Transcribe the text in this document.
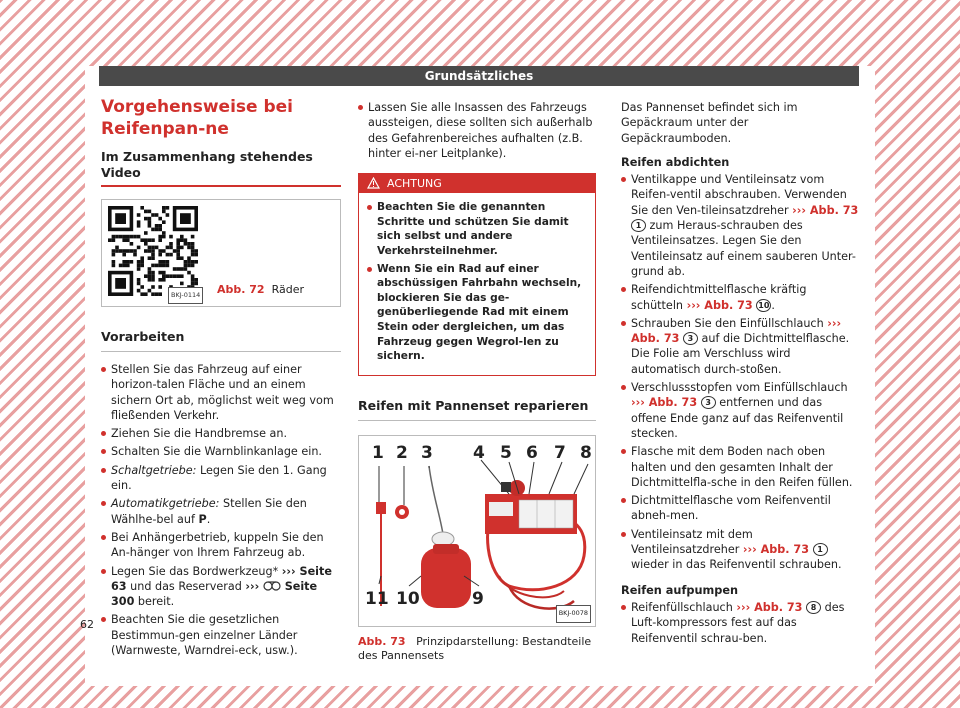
Grundsätzliches
Vorgehensweise bei Reifenpan-ne
Im Zusammenhang stehendes Video
BKJ-0114 Abb. 72 Räder
Vorarbeiten
Stellen Sie das Fahrzeug auf einer horizon-talen Fläche und an einem sichern Ort ab, möglichst weit weg vom fließenden Verkehr.
Ziehen Sie die Handbremse an.
Schalten Sie die Warnblinkanlage ein.
Schaltgetriebe: Legen Sie den 1. Gang ein.
Automatikgetriebe: Stellen Sie den Wählhe-bel auf P.
Bei Anhängerbetrieb, kuppeln Sie den An-hänger von Ihrem Fahrzeug ab.
Legen Sie das Bordwerkzeug* ››› Seite 63 und das Reserverad ›››  Seite 300 bereit.
Beachten Sie die gesetzlichen Bestimmun-gen einzelner Länder (Warnweste, Warndrei-eck, usw.).
Lassen Sie alle Insassen des Fahrzeugs aussteigen, diese sollten sich außerhalb des Gefahrenbereiches aufhalten (z.B. hinter ei-ner Leitplanke).
ACHTUNG
Beachten Sie die genannten Schritte und schützen Sie damit sich selbst und andere Verkehrsteilnehmer.
Wenn Sie ein Rad auf einer abschüssigen Fahrbahn wechseln, blockieren Sie das ge-genüberliegende Rad mit einem Stein oder dergleichen, um das Fahrzeug gegen Wegrol-len zu sichern.
Reifen mit Pannenset reparieren
1 2 3 4 5 6 7 8
9
10
11
BKJ-0078
Abb. 73 Prinzipdarstellung: Bestandteile des Pannensets
Das Pannenset befindet sich im Gepäckraum unter der Gepäckraumboden.
Reifen abdichten
Ventilkappe und Ventileinsatz vom Reifen-ventil abschrauben. Verwenden Sie den Ven-tileinsatzdreher ››› Abb. 73 1 zum Heraus-schrauben des Ventileinsatzes. Legen Sie den Ventileinsatz auf einem sauberen Unter-grund ab.
Reifendichtmittelflasche kräftig schütteln ››› Abb. 73 10 .
Schrauben Sie den Einfüllschlauch ››› Abb. 73 3 auf die Dichtmittelflasche. Die Folie am Verschluss wird automatisch durch-stoßen.
Verschlussstopfen vom Einfüllschlauch ››› Abb. 73 3 entfernen und das offene Ende ganz auf das Reifenventil stecken.
Flasche mit dem Boden nach oben halten und den gesamten Inhalt der Dichtmittelfla-sche in den Reifen füllen.
Dichtmittelflasche vom Reifenventil abneh-men.
Ventileinsatz mit dem Ventileinsatzdreher ››› Abb. 73 1 wieder in das Reifenventil schrauben.
Reifen aufpumpen
Reifenfüllschlauch ››› Abb. 73 8 des Luft-kompressors fest auf das Reifenventil schrau-ben.
62
